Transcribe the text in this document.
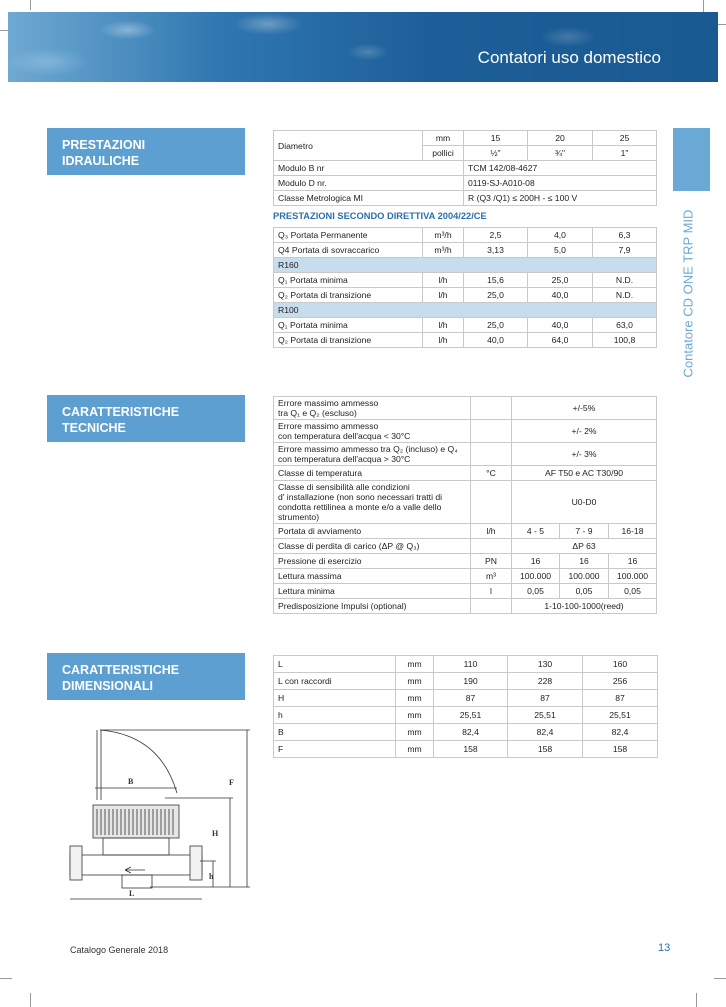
Contatori uso domestico
Contatore CD ONE TRP MID
PRESTAZIONI
IDRAULICHE
CARATTERISTICHE
TECNICHE
CARATTERISTICHE
DIMENSIONALI
Diametro	mm	15	20	25
	pollici	½"	¾"	1"
Modulo B nr		TCM 142/08-4627		
Modulo D nr.		0119-SJ-A010-08		
Classe Metrologica MI		R (Q3 /Q1) ≤ 200H - ≤ 100 V		
PRESTAZIONI SECONDO DIRETTIVA 2004/22/CE
Q₃ Portata Permanente	m³/h	2,5	4,0	6,3
Q4 Portata di sovraccarico	m³/h	3,13	5,0	7,9
R160				
Q₁ Portata minima	l/h	15,6	25,0	N.D.
Q₂ Portata di transizione	l/h	25,0	40,0	N.D.
R100				
Q₁ Portata minima	l/h	25,0	40,0	63,0
Q₂ Portata di transizione	l/h	40,0	64,0	100,8
Errore massimo ammesso
tra Q₁ e Q₂ (escluso)		+/-5%		
Errore massimo ammesso
con temperatura dell'acqua < 30°C		+/- 2%		
Errore massimo ammesso tra Q₂ (incluso) e Q₄
con temperatura dell'acqua > 30°C		+/- 3%		
Classe di temperatura	°C	AF T50 e AC T30/90		
Classe di sensibilità alle condizioni
d' installazione (non sono necessari tratti di
condotta rettilinea a monte e/o a valle dello
strumento)		U0-D0		
Portata di avviamento	l/h	4 - 5	7 - 9	16-18
Classe di perdita di carico (ΔP @ Q₃)		ΔP 63		
Pressione di esercizio	PN	16	16	16
Lettura massima	m³	100.000	100.000	100.000
Lettura minima	l	0,05	0,05	0,05
Predisposizione Impulsi (optional)		1-10-100-1000(reed)		
L	mm	110	130	160
L con raccordi	mm	190	228	256
H	mm	87	87	87
h	mm	25,51	25,51	25,51
B	mm	82,4	82,4	82,4
F	mm	158	158	158
B	F
H
h
L
Catalogo Generale 2018	13
